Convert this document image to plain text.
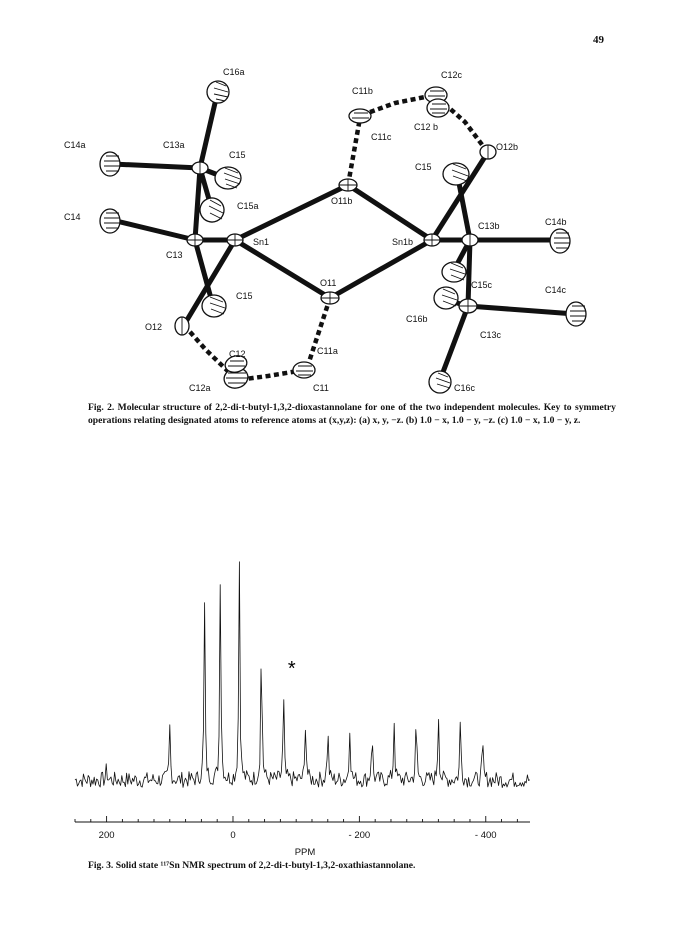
49
C16a	C12c
C11b
C12 b
C11c
O12b
C14a	C13a
C15
C15
O11b
C15a
C14
C13b	C14b
Sn1	Sn1b
C13
O11	C15c	C14c
C15
C16b
O12
C13c
C11a
C12
C11
C12a	C16c
*
200	0	- 200	- 400
PPM
Fig. 2. Molecular structure of 2,2-di-t-butyl-1,3,2-dioxastannolane for one of the two independent molecules. Key to symmetry operations relating designated atoms to reference atoms at (x,y,z): (a) x, y, −z. (b) 1.0 − x, 1.0 − y, −z. (c) 1.0 − x, 1.0 − y, z.
Fig. 3. Solid state ¹¹⁷Sn NMR spectrum of 2,2-di-t-butyl-1,3,2-oxathiastannolane.
